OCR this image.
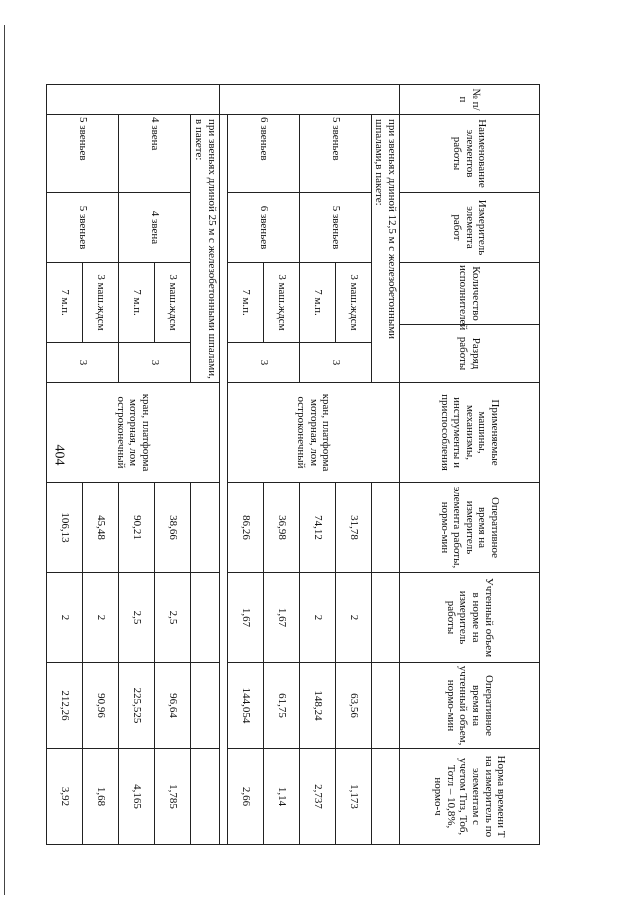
404
№ п/п	Наименование элементов работы	Измеритель элемента работ	Количество исполнителей	Разряд работы		Применяемые машины, механизмы, инструменты и приспособления	Оперативное время на измеритель элемента работы, нормо-мин	Учтенный объем в норме на измеритель работы	Оперативное время на учтенный объем, нормо-мин	Норма времени Т на измеритель по элементам с учетом Тпз, Тоб, Тотл – 10,8%, нормо-ч
	при звеньях длиной 12,5 м с железобетонными шпалами,в пакете:					кран, платформа моторная, лом остроконечный				
	5 звеньев	5 звеньев	3 маш.ждсм		3		31,78	2	63,56	1,173
			7 м.п.				74,12	2	148,24	2,737
	6 звеньев	6 звеньев	3 маш.ждсм		3		36,98	1,67	61,75	1,14
			7 м.п.				86,26	1,67	144,054	2,66

	при звеньях длиной 25 м с железобетонными шпалами, в пакете:					кран, платформа моторная, лом остроконечный				
	4 звена	4 звена	3 маш.ждсм		3		38,66	2,5	96,64	1,785
			7 м.п.				90,21	2,5	225,525	4,165
	5 звеньев	5 звеньев	3 маш.ждсм		3		45,48	2	90,96	1,68
			7 м.п.				106,13	2	212,26	3,92
